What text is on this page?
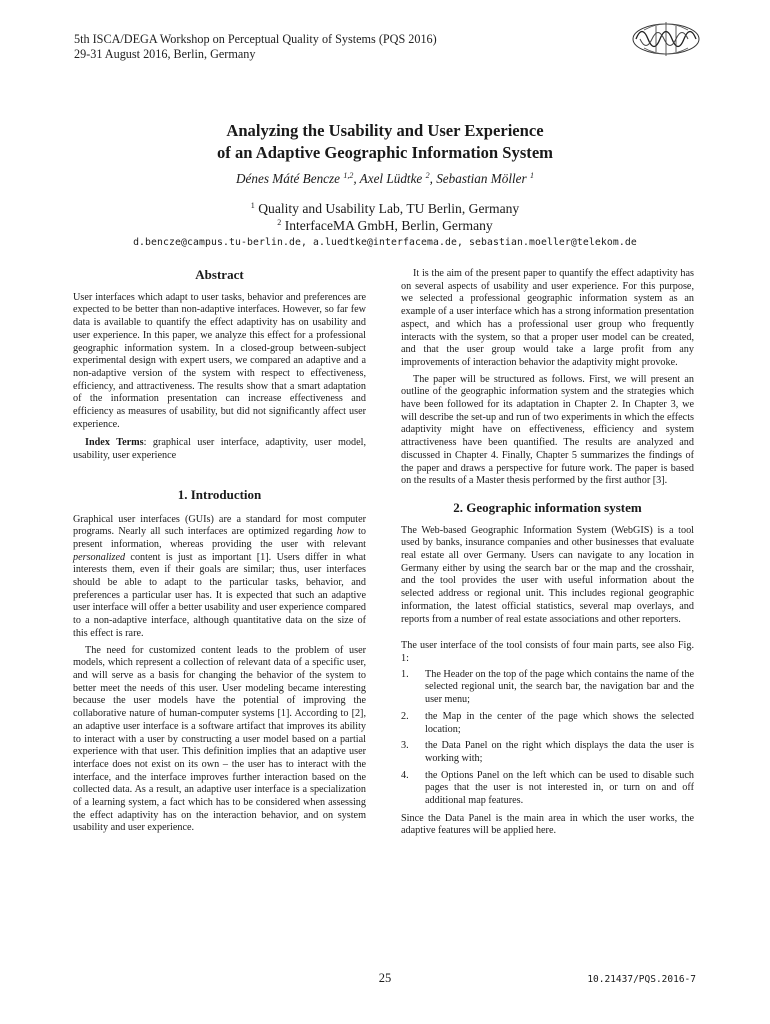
5th ISCA/DEGA Workshop on Perceptual Quality of Systems (PQS 2016)
29-31 August 2016, Berlin, Germany
Analyzing the Usability and User Experience
of an Adaptive Geographic Information System
Dénes Máté Bencze $^{1,2}$, Axel Lüdtke $^2$, Sebastian Möller $^1$
$^1$ Quality and Usability Lab, TU Berlin, Germany
$^2$ InterfaceMA GmbH, Berlin, Germany
d.bencze@campus.tu-berlin.de, a.luedtke@interfacema.de, sebastian.moeller@telekom.de
Abstract

User interfaces which adapt to user tasks, behavior and preferences are expected to be better than non-adaptive interfaces. However, so far few data is available to quantify the effect adaptivity has on usability and user experience. In this paper, we analyze this effect for a professional geographic information system. In a closed-group between-subject experimental design with expert users, we compared an adaptive and a non-adaptive version of the system with respect to effectiveness, efficiency, and attractiveness. The results show that a smart adaptation of the information presentation can increase effectiveness and efficiency as measures of usability, but did not significantly affect user experience.

Index Terms: graphical user interface, adaptivity, user model, usability, user experience

1. Introduction

Graphical user interfaces (GUIs) are a standard for most computer programs. Nearly all such interfaces are optimized regarding how to present information, whereas providing the user with relevant personalized content is just as important [1]. Users differ in what interests them, even if their goals are similar; thus, user interfaces should be able to adapt to the particular tasks, behavior, and preferences a particular user has. It is expected that such an adaptive user interface will offer a better usability and user experience compared to a non-adaptive interface, although quantitative data on the size of this effect is rare.

The need for customized content leads to the problem of user models, which represent a collection of relevant data of a specific user, and will serve as a basis for changing the behavior of the system to better meet the needs of this user. User modeling became interesting because the user models have the potential of improving the collaborative nature of human-computer systems [1]. According to [2], an adaptive user interface is a software artifact that improves its ability to interact with a user by constructing a user model based on a partial experience with that user. This definition implies that an adaptive user interface does not exist on its own – the user has to interact with the interface, and the interface improves further interaction based on the collected data. As a result, an adaptive user interface is a specialization of a learning system, a fact which has to be considered when assessing the effect adaptivity has on the interaction behavior, and on system usability and user experience.

It is the aim of the present paper to quantify the effect adaptivity has on several aspects of usability and user experience. For this purpose, we selected a professional geographic information system as an example of a user interface which has a strong information presentation aspect, and which has a professional user group who frequently interacts with the system, so that a proper user model can be created, and that the user group would take a large profit from any improvements of interaction behavior the adaptivity might provoke.

The paper will be structured as follows. First, we will present an outline of the geographic information system and the strategies which have been followed for its adaptation in Chapter 2. In Chapter 3, we will describe the set-up and run of two experiments in which the effects adaptivity might have on effectiveness, efficiency and system attractiveness have been quantified. The results are analyzed and discussed in Chapter 4. Finally, Chapter 5 summarizes the findings of the paper and draws a perspective for future work. The paper is based on the results of a Master thesis performed by the first author [3].

2. Geographic information system

The Web-based Geographic Information System (WebGIS) is a tool used by banks, insurance companies and other businesses that evaluate real estate all over Germany. Users can navigate to any location in Germany either by using the search bar or the map and the crosshair, and the tool provides the user with useful information about the selected address or regional unit. This includes regional geographic information, the latest official statistics, several map overlays, and reports from a number of real estate associations and other reporters.

The user interface of the tool consists of four main parts, see also Fig. 1:

1.	The Header on the top of the page which contains the name of the selected regional unit, the search bar, the navigation bar and the user menu;
2.	the Map in the center of the page which shows the selected location;
3.	the Data Panel on the right which displays the data the user is working with;
4.	the Options Panel on the left which can be used to disable such pages that the user is not interested in, or turn on and off additional map features.

Since the Data Panel is the main area in which the user works, the adaptive features will be applied here.

25	10.21437/PQS.2016-7
